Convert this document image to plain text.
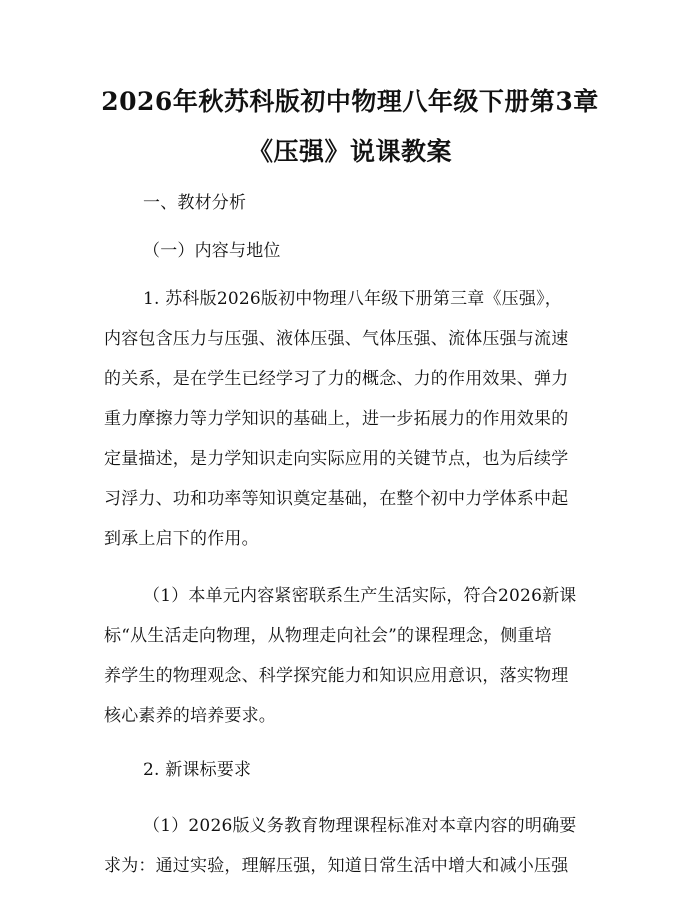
2026年秋苏科版初中物理八年级下册第3章
《压强》说课教案
一、教材分析
（一）内容与地位
1. 苏科版2026版初中物理八年级下册第三章《压强》，
内容包含压力与压强、液体压强、气体压强、流体压强与流速
的关系，是在学生已经学习了力的概念、力的作用效果、弹力
重力摩擦力等力学知识的基础上，进一步拓展力的作用效果的
定量描述，是力学知识走向实际应用的关键节点，也为后续学
习浮力、功和功率等知识奠定基础，在整个初中力学体系中起
到承上启下的作用。
（1）本单元内容紧密联系生产生活实际，符合2026新课
标“从生活走向物理，从物理走向社会”的课程理念，侧重培
养学生的物理观念、科学探究能力和知识应用意识，落实物理
核心素养的培养要求。
2. 新课标要求
（1）2026版义务教育物理课程标准对本章内容的明确要
求为：通过实验，理解压强，知道日常生活中增大和减小压强
